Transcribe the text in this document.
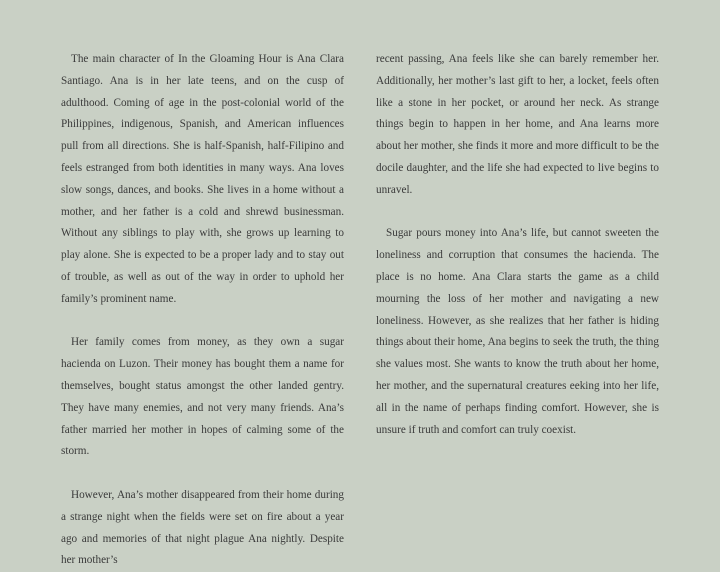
The main character of In the Gloaming Hour is Ana Clara Santiago. Ana is in her late teens, and on the cusp of adulthood. Coming of age in the post-colonial world of the Philippines, indigenous, Spanish, and American influences pull from all directions. She is half-Spanish, half-Filipino and feels estranged from both identities in many ways. Ana loves slow songs, dances, and books. She lives in a home without a mother, and her father is a cold and shrewd businessman. Without any siblings to play with, she grows up learning to play alone. She is expected to be a proper lady and to stay out of trouble, as well as out of the way in order to uphold her family’s prominent name.

Her family comes from money, as they own a sugar hacienda on Luzon. Their money has bought them a name for themselves, bought status amongst the other landed gentry. They have many enemies, and not very many friends. Ana’s father married her mother in hopes of calming some of the storm.

However, Ana’s mother disappeared from their home during a strange night when the fields were set on fire about a year ago and memories of that night plague Ana nightly. Despite her mother’s

recent passing, Ana feels like she can barely remember her. Additionally, her mother’s last gift to her, a locket, feels often like a stone in her pocket, or around her neck. As strange things begin to happen in her home, and Ana learns more about her mother, she finds it more and more difficult to be the docile daughter, and the life she had expected to live begins to unravel.

Sugar pours money into Ana’s life, but cannot sweeten the loneliness and corruption that consumes the hacienda. The place is no home. Ana Clara starts the game as a child mourning the loss of her mother and navigating a new loneliness. However, as she realizes that her father is hiding things about their home, Ana begins to seek the truth, the thing she values most. She wants to know the truth about her home, her mother, and the supernatural creatures eeking into her life, all in the name of perhaps finding comfort. However, she is unsure if truth and comfort can truly coexist.
